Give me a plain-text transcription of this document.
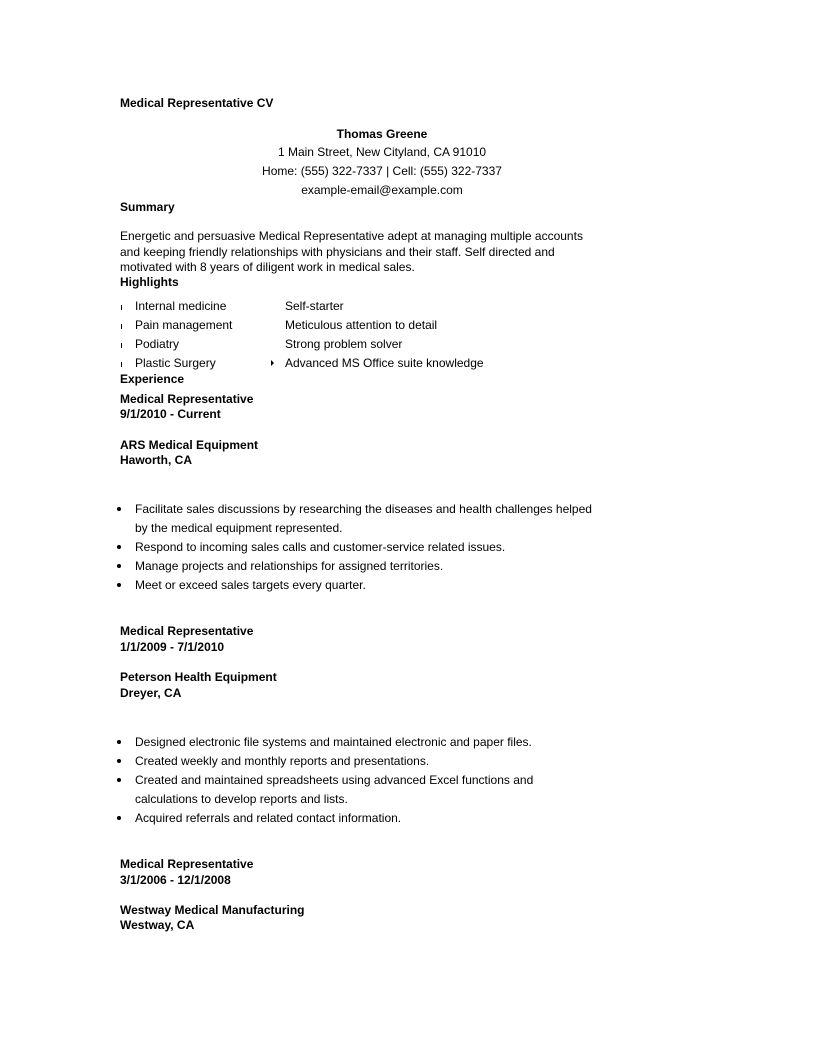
Medical Representative CV
Thomas Greene
1 Main Street, New Cityland, CA 91010
Home: (555) 322-7337 | Cell: (555) 322-7337
example-email@example.com
Summary
Energetic and persuasive Medical Representative adept at managing multiple accounts
and keeping friendly relationships with physicians and their staff. Self directed and
motivated with 8 years of diligent work in medical sales.
Highlights
Internal medicine	Self-starter
Pain management	Meticulous attention to detail
Podiatry	Strong problem solver
Plastic Surgery	Advanced MS Office suite knowledge
Experience
Medical Representative
9/1/2010 - Current
ARS Medical Equipment
Haworth, CA
Facilitate sales discussions by researching the diseases and health challenges helped
by the medical equipment represented.
Respond to incoming sales calls and customer-service related issues.
Manage projects and relationships for assigned territories.
Meet or exceed sales targets every quarter.
Medical Representative
1/1/2009 - 7/1/2010
Peterson Health Equipment
Dreyer, CA
Designed electronic file systems and maintained electronic and paper files.
Created weekly and monthly reports and presentations.
Created and maintained spreadsheets using advanced Excel functions and
calculations to develop reports and lists.
Acquired referrals and related contact information.
Medical Representative
3/1/2006 - 12/1/2008
Westway Medical Manufacturing
Westway, CA
